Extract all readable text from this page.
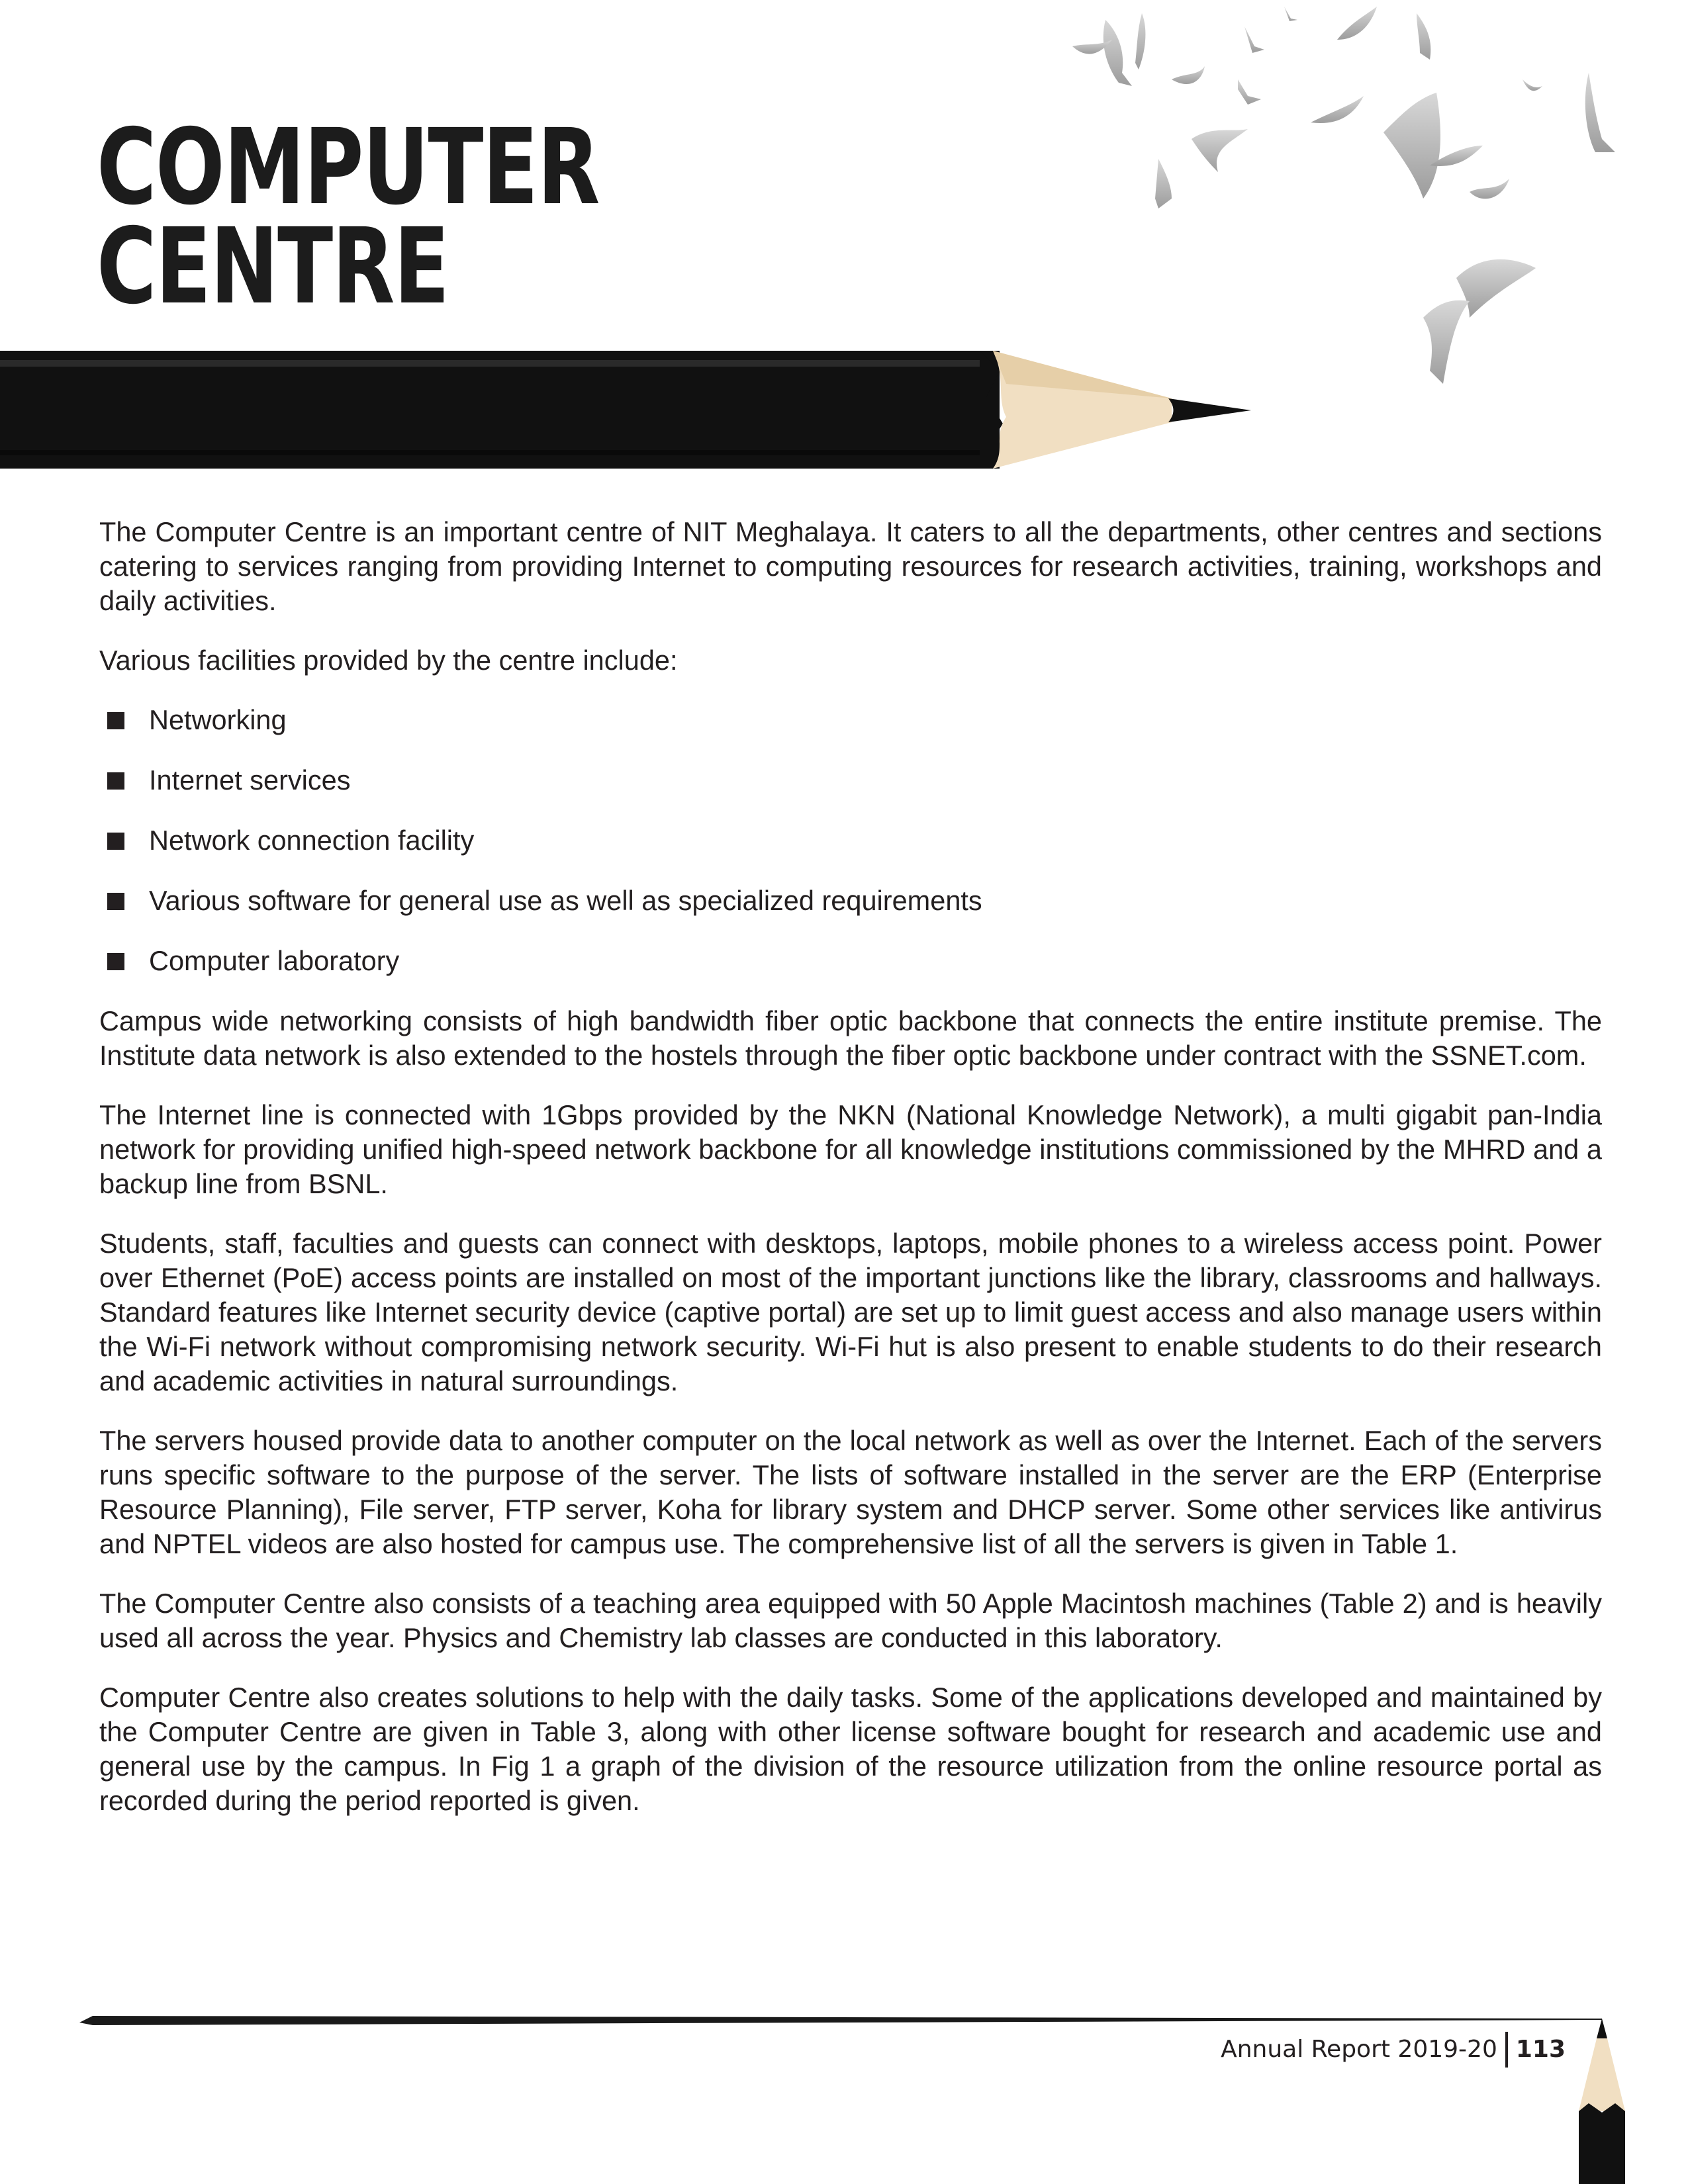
COMPUTER
CENTRE

The Computer Centre is an important centre of NIT Meghalaya. It caters to all the departments, other centres and sections catering to services ranging from providing Internet to computing resources for research activities, training, workshops and daily activities.

Various facilities provided by the centre include:

Networking
Internet services
Network connection facility
Various software for general use as well as specialized requirements
Computer laboratory

Campus wide networking consists of high bandwidth fiber optic backbone that connects the entire institute premise. The Institute data network is also extended to the hostels through the fiber optic backbone under contract with the SSNET.com.

The Internet line is connected with 1Gbps provided by the NKN (National Knowledge Network), a multi gigabit pan-India network for providing unified high-speed network backbone for all knowledge institutions commissioned by the MHRD and a backup line from BSNL.

Students, staff, faculties and guests can connect with desktops, laptops, mobile phones to a wireless access point. Power over Ethernet (PoE) access points are installed on most of the important junctions like the library, classrooms and hallways. Standard features like Internet security device (captive portal) are set up to limit guest access and also manage users within the Wi-Fi network without compromising network security. Wi-Fi hut is also present to enable students to do their research and academic activities in natural surroundings.

The servers housed provide data to another computer on the local network as well as over the Internet. Each of the servers runs specific software to the purpose of the server. The lists of software installed in the server are the ERP (Enterprise Resource Planning), File server, FTP server, Koha for library system and DHCP server. Some other services like antivirus and NPTEL videos are also hosted for campus use. The comprehensive list of all the servers is given in Table 1.

The Computer Centre also consists of a teaching area equipped with 50 Apple Macintosh machines (Table 2) and is heavily used all across the year. Physics and Chemistry lab classes are conducted in this laboratory.

Computer Centre also creates solutions to help with the daily tasks. Some of the applications developed and maintained by the Computer Centre are given in Table 3, along with other license software bought for research and academic use and general use by the campus. In Fig 1 a graph of the division of the resource utilization from the online resource portal as recorded during the period reported is given.

Annual Report 2019-20 113
